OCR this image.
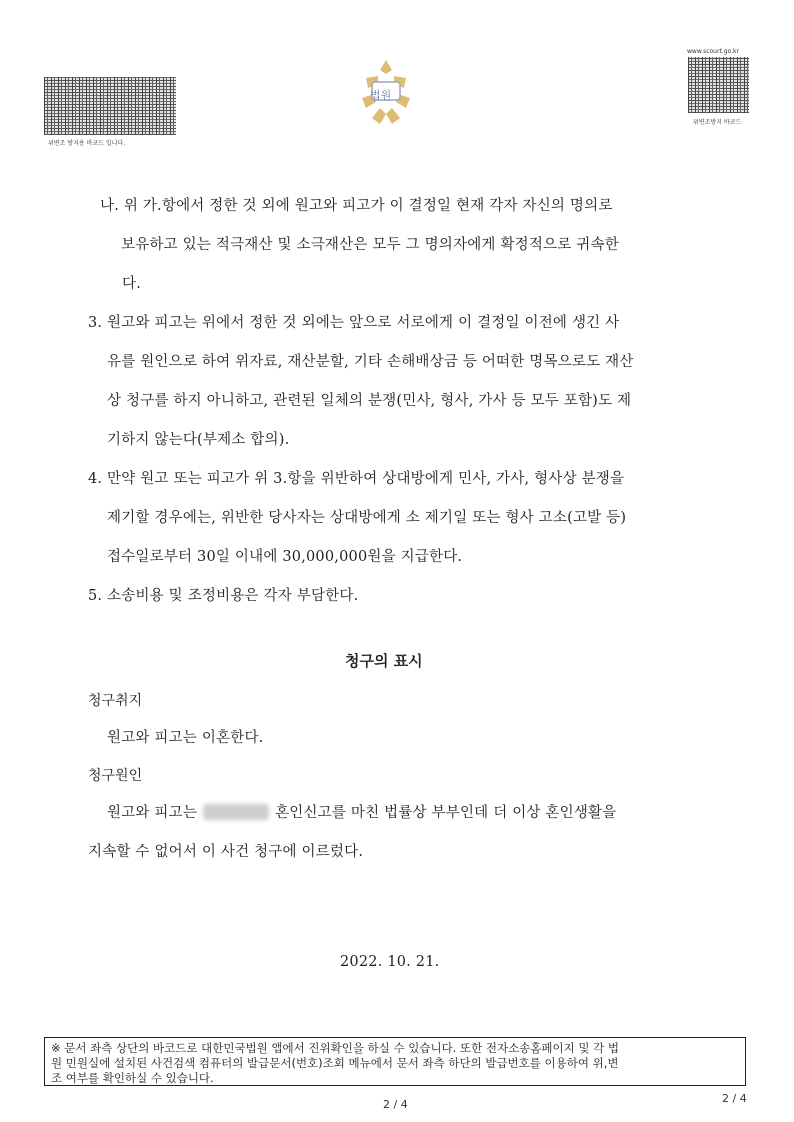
위변조 방지용 바코드 입니다.
법원
www.scourt.go.kr
위변조방지 바코드
나. 위 가.항에서 정한 것 외에 원고와 피고가 이 결정일 현재 각자 자신의 명의로
보유하고 있는 적극재산 및 소극재산은 모두 그 명의자에게 확정적으로 귀속한
다.
3. 원고와 피고는 위에서 정한 것 외에는 앞으로 서로에게 이 결정일 이전에 생긴 사
유를 원인으로 하여 위자료, 재산분할, 기타 손해배상금 등 어떠한 명목으로도 재산
상 청구를 하지 아니하고, 관련된 일체의 분쟁(민사, 형사, 가사 등 모두 포함)도 제
기하지 않는다(부제소 합의).
4. 만약 원고 또는 피고가 위 3.항을 위반하여 상대방에게 민사, 가사, 형사상 분쟁을
제기할 경우에는, 위반한 당사자는 상대방에게 소 제기일 또는 형사 고소(고발 등)
접수일로부터 30일 이내에 30,000,000원을 지급한다.
5. 소송비용 및 조정비용은 각자 부담한다.
청구의 표시
청구취지
원고와 피고는 이혼한다.
청구원인
원고와 피고는	혼인신고를 마친 법률상 부부인데 더 이상 혼인생활을
지속할 수 없어서 이 사건 청구에 이르렀다.
2022. 10. 21.
※ 문서 좌측 상단의 바코드로 대한민국법원 앱에서 진위확인을 하실 수 있습니다. 또한 전자소송홈페이지 및 각 법
원 민원실에 설치된 사건검색 컴퓨터의 발급문서(번호)조회 메뉴에서 문서 좌측 하단의 발급번호를 이용하여 위,변
조 여부를 확인하실 수 있습니다.
2 / 4	2 / 4
